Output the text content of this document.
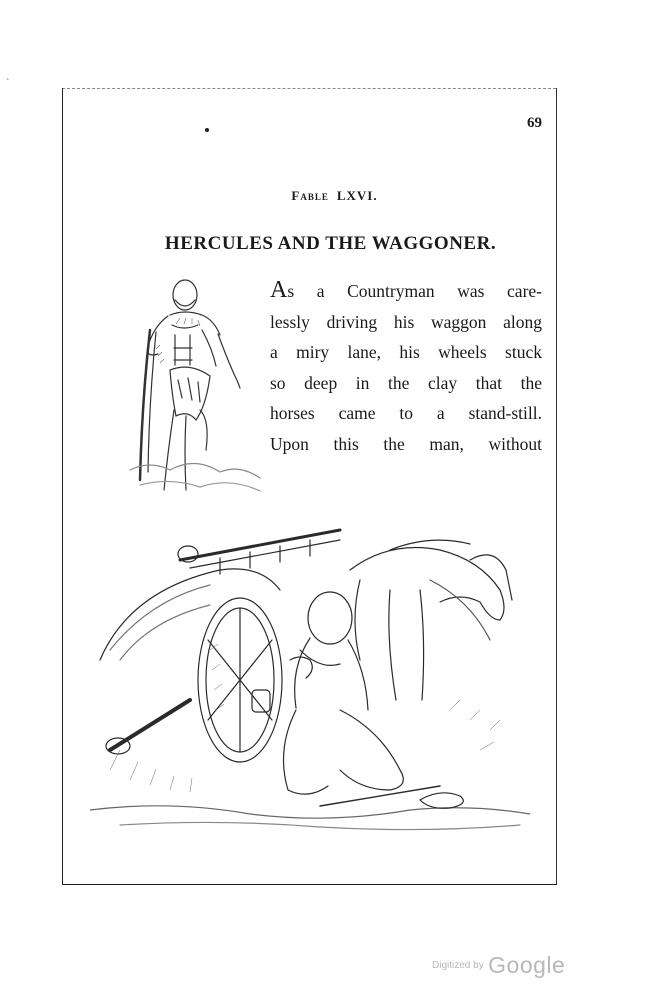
`
69
Fable LXVI.
HERCULES AND THE WAGGONER.
As a Countryman was care-
lessly driving his waggon along
a miry lane, his wheels stuck
so deep in the clay that the
horses came to a stand-still.
Upon this the man, without
Digitized by Google
